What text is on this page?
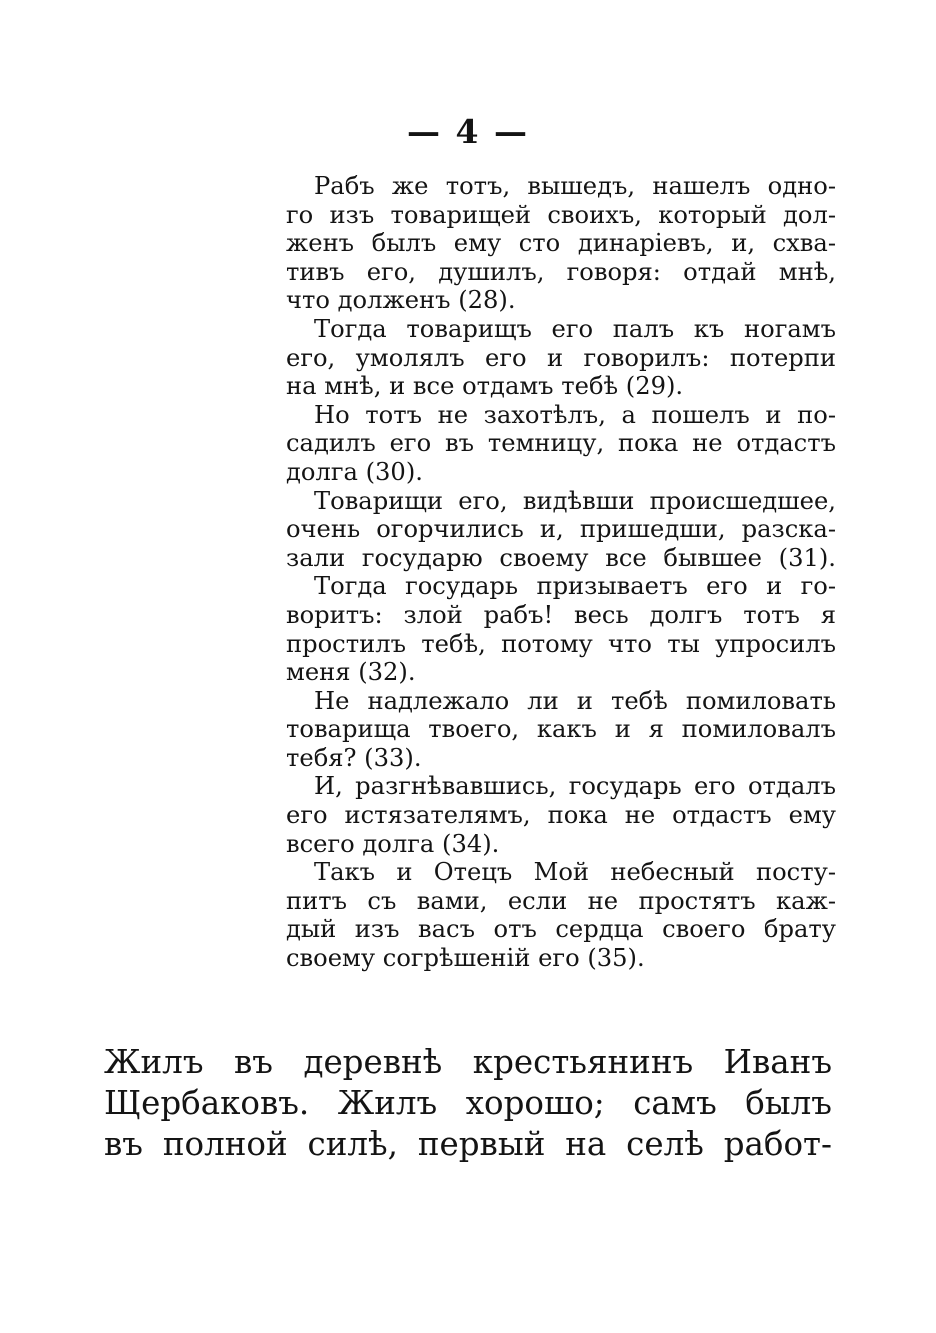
— 4 —
Рабъ же тотъ, вышедъ, нашелъ одно-
го изъ товарищей своихъ, который дол-
женъ былъ ему сто динаріевъ, и, схва-
тивъ его, душилъ, говоря: отдай мнѣ,
что долженъ (28).
Тогда товарищъ его палъ къ ногамъ
его, умолялъ его и говорилъ: потерпи
на мнѣ, и все отдамъ тебѣ (29).
Но тотъ не захотѣлъ, а пошелъ и по-
садилъ его въ темницу, пока не отдастъ
долга (30).
Товарищи его, видѣвши происшедшее,
очень огорчились и, пришедши, разска-
зали государю своему все бывшее (31).
Тогда государь призываетъ его и го-
воритъ: злой рабъ! весь долгъ тотъ я
простилъ тебѣ, потому что ты упросилъ
меня (32).
Не надлежало ли и тебѣ помиловать
товарища твоего, какъ и я помиловалъ
тебя? (33).
И, разгнѣвавшись, государь его отдалъ
его истязателямъ, пока не отдастъ ему
всего долга (34).
Такъ и Отецъ Мой небесный посту-
питъ съ вами, если не простятъ каж-
дый изъ васъ отъ сердца своего брату
своему согрѣшеній его (35).
Жилъ въ деревнѣ крестьянинъ Иванъ
Щербаковъ. Жилъ хорошо; самъ былъ
въ полной силѣ, первый на селѣ работ-
